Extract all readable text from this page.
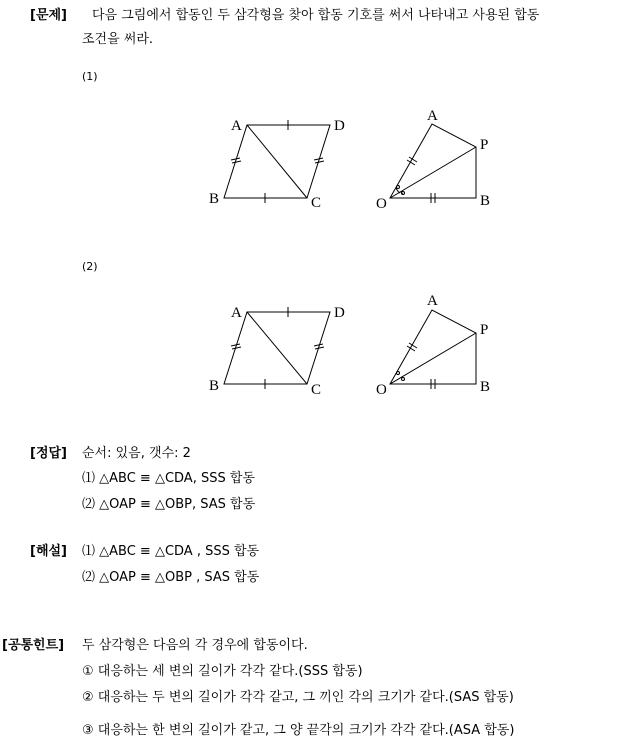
[문제] 다음 그림에서 합동인 두 삼각형을 찾아 합동 기호를 써서 나타내고 사용된 합동
조건을 써라.
(1)
(2)
A	D
B	C
A
P
O	B
A	D
B	C
A
P
O	B
[정답] 순서: 있음, 갯수: 2
⑴ △ABC ≡ △CDA, SSS 합동
⑵ △OAP ≡ △OBP, SAS 합동
[해설] ⑴ △ABC ≡ △CDA , SSS 합동
⑵ △OAP ≡ △OBP , SAS 합동
[공통힌트] 두 삼각형은 다음의 각 경우에 합동이다.
① 대응하는 세 변의 길이가 각각 같다.(SSS 합동)
② 대응하는 두 변의 길이가 각각 같고, 그 끼인 각의 크기가 같다.(SAS 합동)
③ 대응하는 한 변의 길이가 같고, 그 양 끝각의 크기가 각각 같다.(ASA 합동)
